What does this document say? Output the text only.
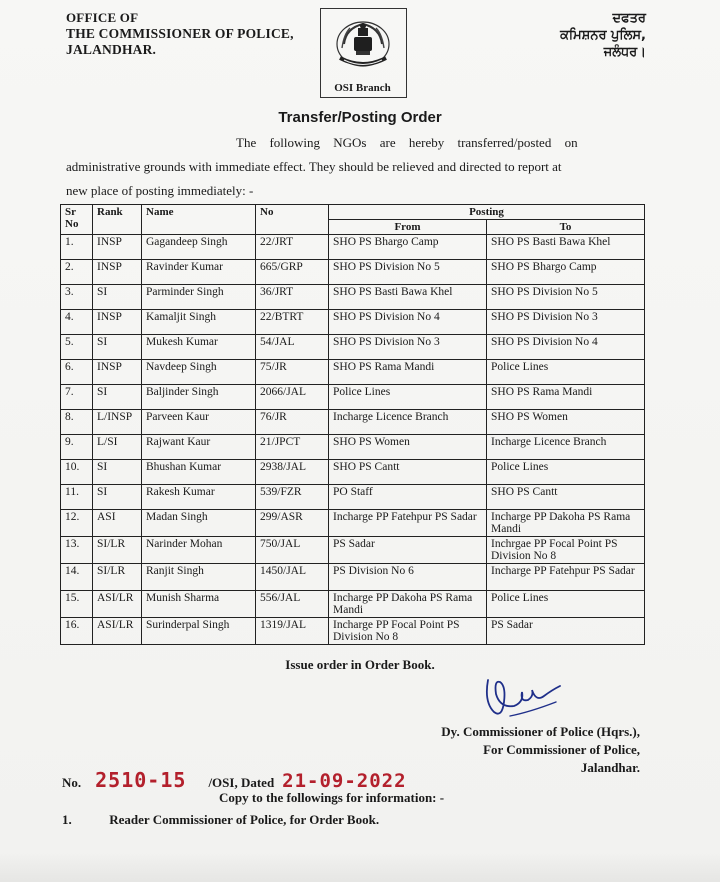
OFFICE OF
THE COMMISSIONER OF POLICE,
JALANDHAR.
OSI Branch
ਦਫਤਰ
ਕਮਿਸ਼ਨਰ ਪੁਲਿਸ,
ਜਲੰਧਰ।
Transfer/Posting Order
The following NGOs are hereby transferred/posted on
administrative grounds with immediate effect. They should be relieved and directed to report at
new place of posting immediately: -
Sr No	Rank	Name	No	Posting	
				From	To
1.	INSP	Gagandeep Singh	22/JRT	SHO PS Bhargo Camp	SHO PS Basti Bawa Khel
2.	INSP	Ravinder Kumar	665/GRP	SHO PS Division No 5	SHO PS Bhargo Camp
3.	SI	Parminder Singh	36/JRT	SHO PS Basti Bawa Khel	SHO PS Division No 5
4.	INSP	Kamaljit Singh	22/BTRT	SHO PS Division No 4	SHO PS Division No 3
5.	SI	Mukesh Kumar	54/JAL	SHO PS Division No 3	SHO PS Division No 4
6.	INSP	Navdeep Singh	75/JR	SHO PS Rama Mandi	Police Lines
7.	SI	Baljinder Singh	2066/JAL	Police Lines	SHO PS Rama Mandi
8.	L/INSP	Parveen Kaur	76/JR	Incharge Licence Branch	SHO PS Women
9.	L/SI	Rajwant Kaur	21/JPCT	SHO PS Women	Incharge Licence Branch
10.	SI	Bhushan Kumar	2938/JAL	SHO PS Cantt	Police Lines
11.	SI	Rakesh Kumar	539/FZR	PO Staff	SHO PS Cantt
12.	ASI	Madan Singh	299/ASR	Incharge PP Fatehpur PS Sadar	Incharge PP Dakoha PS Rama Mandi
13.	SI/LR	Narinder Mohan	750/JAL	PS Sadar	Inchrgae PP Focal Point PS Division No 8
14.	SI/LR	Ranjit Singh	1450/JAL	PS Division No 6	Incharge PP Fatehpur PS Sadar
15.	ASI/LR	Munish Sharma	556/JAL	Incharge PP Dakoha PS Rama Mandi	Police Lines
16.	ASI/LR	Surinderpal Singh	1319/JAL	Incharge PP Focal Point PS Division No 8	PS Sadar
Issue order in Order Book.
Dy. Commissioner of Police (Hqrs.),
For Commissioner of Police,
Jalandhar.
No. 2510-15 /OSI, Dated 21-09-2022
Copy to the followings for information: -
1.	Reader Commissioner of Police, for Order Book.
